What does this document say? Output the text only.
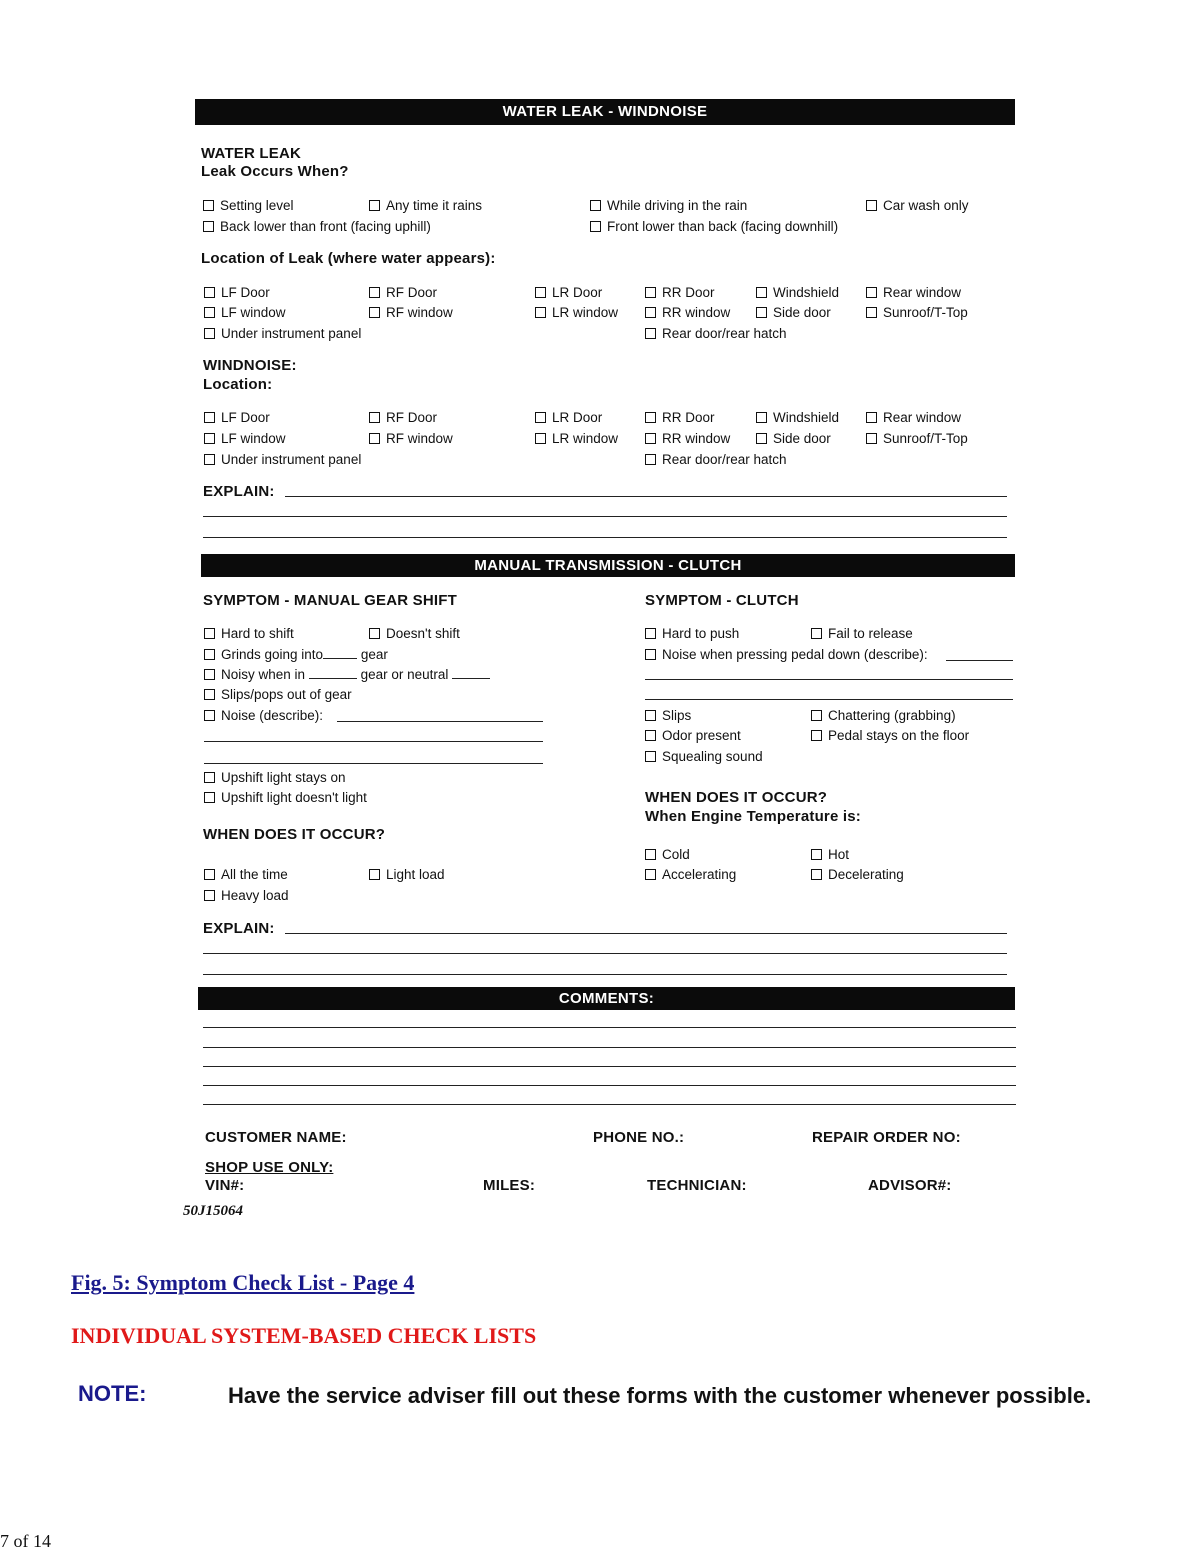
WATER LEAK - WINDNOISE
WATER LEAK
Leak Occurs When?
Setting level	Any time it rains	While driving in the rain	Car wash only
Back lower than front (facing uphill)	Front lower than back (facing downhill)
Location of Leak (where water appears):
LF Door	RF Door	LR Door	RR Door	Windshield	Rear window
LF window	RF window	LR window	RR window	Side door	Sunroof/T-Top
Under instrument panel	Rear door/rear hatch
WINDNOISE:
Location:
LF Door	RF Door	LR Door	RR Door	Windshield	Rear window
LF window	RF window	LR window	RR window	Side door	Sunroof/T-Top
Under instrument panel	Rear door/rear hatch
EXPLAIN:
MANUAL TRANSMISSION - CLUTCH
SYMPTOM - MANUAL GEAR SHIFT	SYMPTOM - CLUTCH
Hard to shift	Doesn't shift
Grinds going into	gear
Noisy when in	gear or neutral
Slips/pops out of gear
Noise (describe):
Upshift light stays on
Upshift light doesn't light
WHEN DOES IT OCCUR?
All the time	Light load
Heavy load
Hard to push	Fail to release
Noise when pressing pedal down (describe):
Slips	Chattering (grabbing)
Odor present	Pedal stays on the floor
Squealing sound
WHEN DOES IT OCCUR?
When Engine Temperature is:
Cold	Hot
Accelerating	Decelerating
EXPLAIN:
COMMENTS:
CUSTOMER NAME:	PHONE NO.:	REPAIR ORDER NO:
SHOP USE ONLY:
VIN#:	MILES:	TECHNICIAN:	ADVISOR#:
50J15064
Fig. 5: Symptom Check List - Page 4
INDIVIDUAL SYSTEM-BASED CHECK LISTS
NOTE:	Have the service adviser fill out these forms with the customer whenever possible.
7 of 14
